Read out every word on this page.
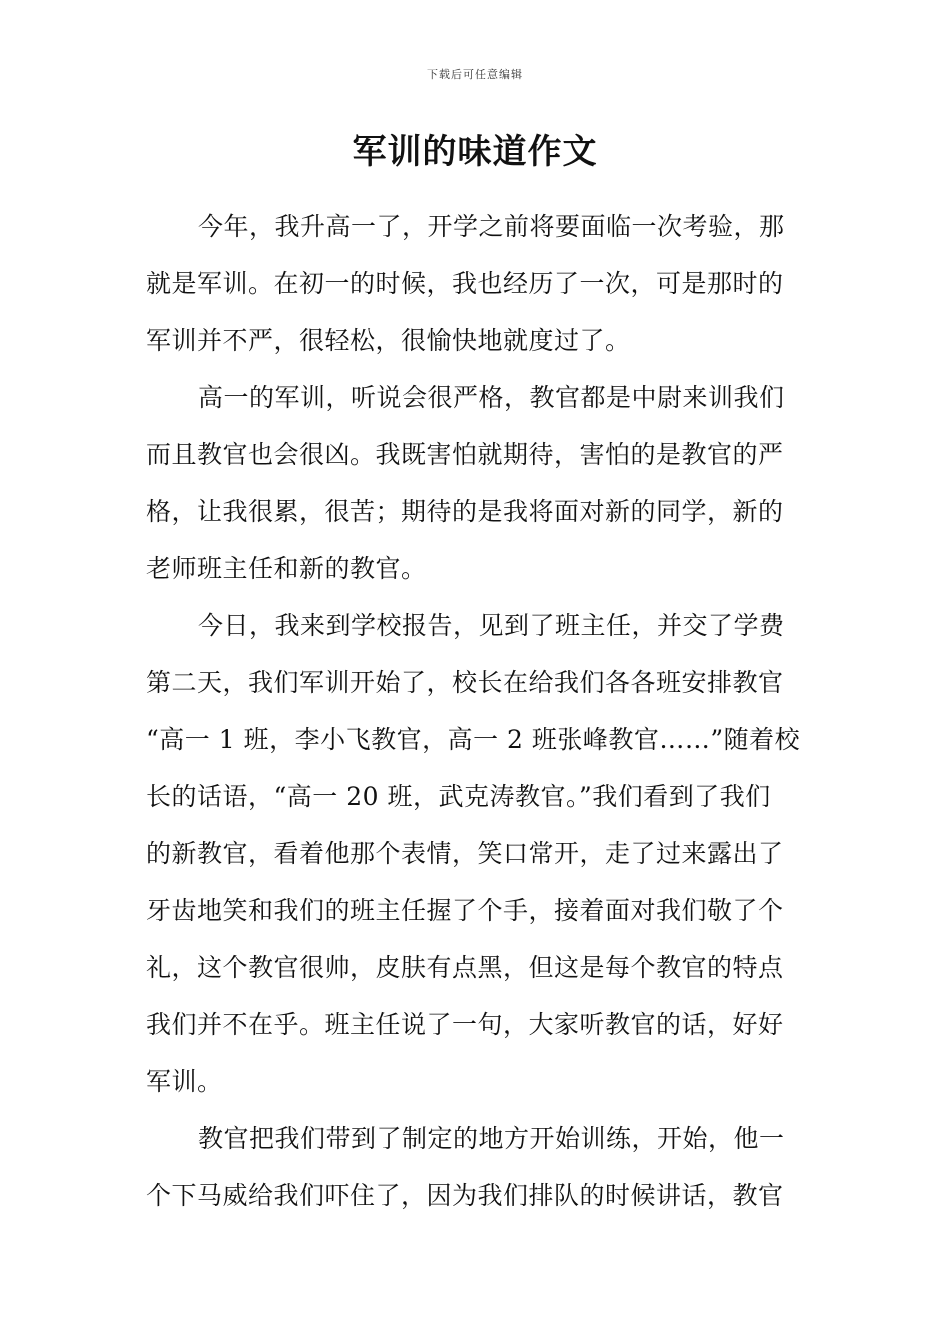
下载后可任意编辑
军训的味道作文
今年，我升高一了，开学之前将要面临一次考验，那
就是军训。在初一的时候，我也经历了一次，可是那时的
军训并不严，很轻松，很愉快地就度过了。
高一的军训，听说会很严格，教官都是中尉来训我们
而且教官也会很凶。我既害怕就期待，害怕的是教官的严
格，让我很累，很苦；期待的是我将面对新的同学，新的
老师班主任和新的教官。
今日，我来到学校报告，见到了班主任，并交了学费
第二天，我们军训开始了，校长在给我们各各班安排教官
“高一 1 班，李小飞教官，高一 2 班张峰教官……”随着校
长的话语，“高一 20 班，武克涛教官。”我们看到了我们
的新教官，看着他那个表情，笑口常开，走了过来露出了
牙齿地笑和我们的班主任握了个手，接着面对我们敬了个
礼，这个教官很帅，皮肤有点黑，但这是每个教官的特点
我们并不在乎。班主任说了一句，大家听教官的话，好好
军训。
教官把我们带到了制定的地方开始训练，开始，他一
个下马威给我们吓住了，因为我们排队的时候讲话，教官
